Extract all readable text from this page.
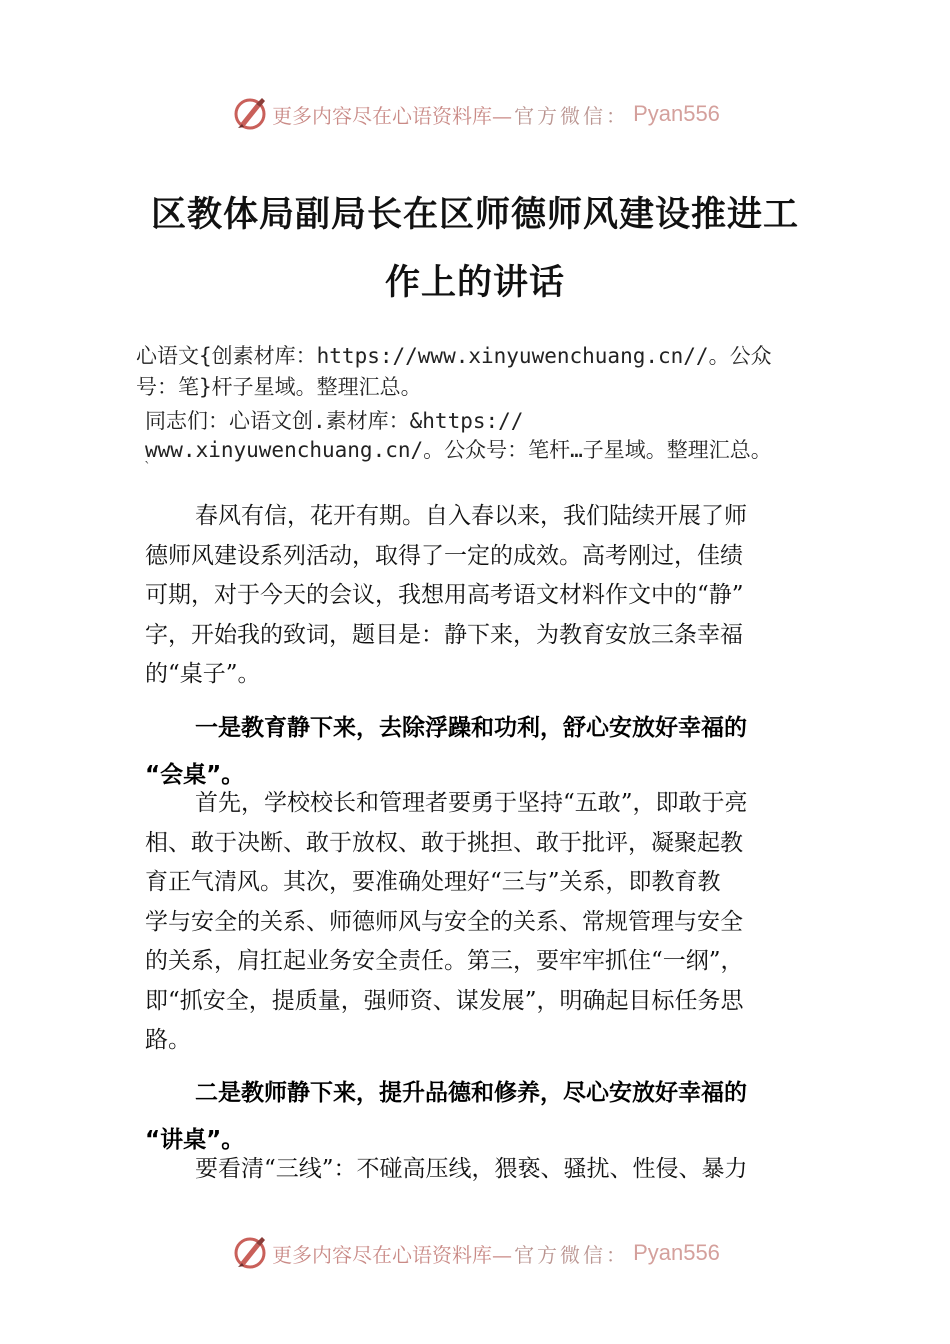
更多内容尽在心语资料库— 官方微信： Pyan556
区教体局副局长在区师德师风建设推进工
作上的讲话
心语文{创素材库：https://www.xinyuwenchuang.cn//。公众
号：笔}杆子星域。整理汇总。
同志们：心语文创.素材库：&https://
www.xinyuwenchuang.cn/。公众号：笔杆…子星域。整理汇总。
`
春风有信，花开有期。自入春以来，我们陆续开展了师
德师风建设系列活动，取得了一定的成效。高考刚过，佳绩
可期，对于今天的会议，我想用高考语文材料作文中的“静”
字，开始我的致词，题目是：静下来，为教育安放三条幸福
的“桌子”。
一是教育静下来，去除浮躁和功利，舒心安放好幸福的
“会桌”。
首先，学校校长和管理者要勇于坚持“五敢”，即敢于亮
相、敢于决断、敢于放权、敢于挑担、敢于批评，凝聚起教
育正气清风。其次，要准确处理好“三与”关系，即教育教
学与安全的关系、师德师风与安全的关系、常规管理与安全
的关系，肩扛起业务安全责任。第三，要牢牢抓住“一纲”，
即“抓安全，提质量，强师资、谋发展”，明确起目标任务思
路。
二是教师静下来，提升品德和修养，尽心安放好幸福的
“讲桌”。
要看清“三线”：不碰高压线，猥亵、骚扰、性侵、暴力
更多内容尽在心语资料库— 官方微信： Pyan556
